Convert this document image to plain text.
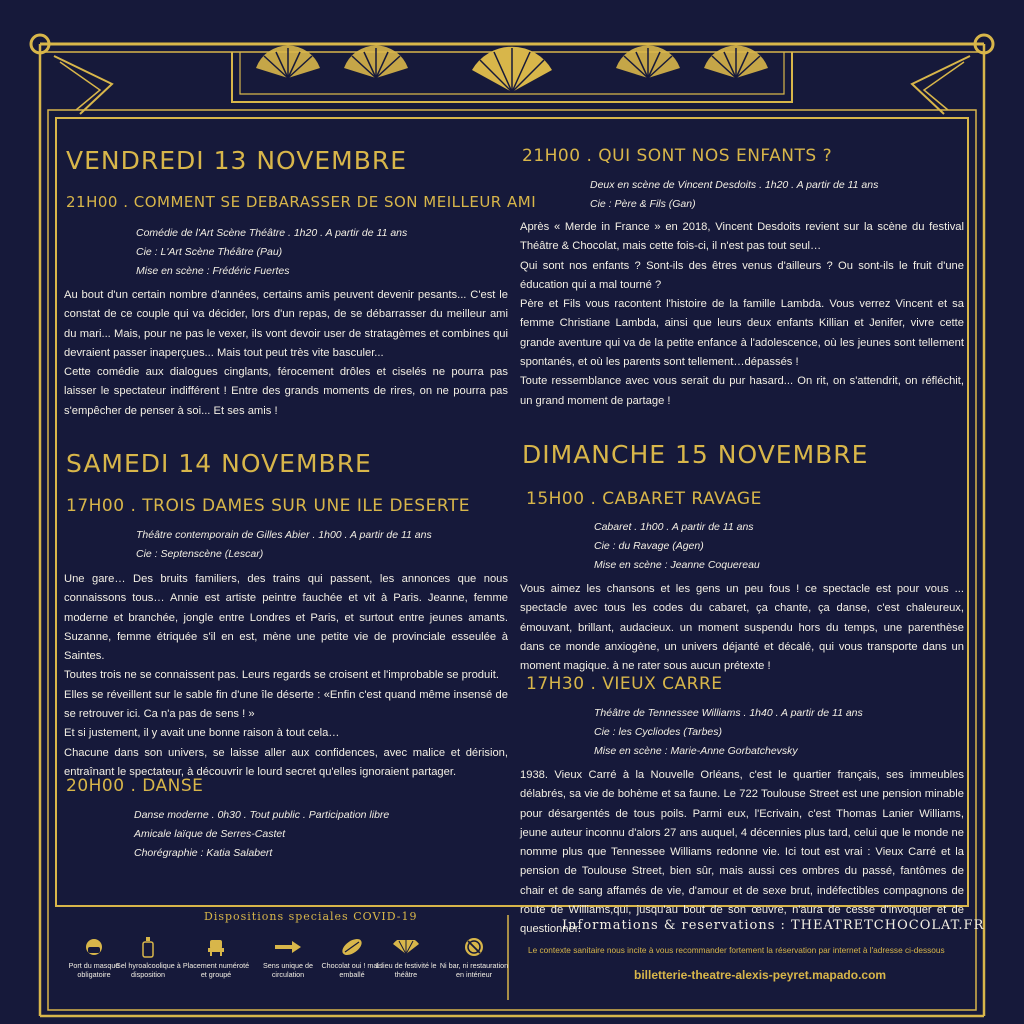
VENDREDI 13 NOVEMBRE
21H00 . COMMENT SE DEBARASSER DE SON MEILLEUR AMI
Comédie de l'Art Scène Théâtre . 1h20 . A partir de 11 ans
Cie : L'Art Scène Théâtre (Pau)
Mise en scène : Frédéric Fuertes

Au bout d'un certain nombre d'années, certains amis peuvent devenir pesants... C'est le constat de ce couple qui va décider, lors d'un repas, de se débarrasser du meilleur ami du mari... Mais, pour ne pas le vexer, ils vont devoir user de stratagèmes et combines qui devraient passer inaperçues... Mais tout peut très vite basculer...

Cette comédie aux dialogues cinglants, férocement drôles et ciselés ne pourra pas laisser le spectateur indifférent ! Entre des grands moments de rires, on ne pourra pas s'empêcher de penser à soi... Et ses amis !

SAMEDI 14 NOVEMBRE
17H00 . TROIS DAMES SUR UNE ILE DESERTE
Théâtre contemporain de Gilles Abier . 1h00 . A partir de 11 ans
Cie : Septenscène (Lescar)

Une gare… Des bruits familiers, des trains qui passent, les annonces que nous connaissons tous… Annie est artiste peintre fauchée et vit à Paris. Jeanne, femme moderne et branchée, jongle entre Londres et Paris, et surtout entre jeunes amants. Suzanne, femme étriquée s'il en est, mène une petite vie de provinciale esseulée à Saintes.

Toutes trois ne se connaissent pas. Leurs regards se croisent et l'improbable se produit.

Elles se réveillent sur le sable fin d'une île déserte : «Enfin c'est quand même insensé de se retrouver ici. Ca n'a pas de sens ! »

Et si justement, il y avait une bonne raison à tout cela…

Chacune dans son univers, se laisse aller aux confidences, avec malice et dérision, entraînant le spectateur, à découvrir le lourd secret qu'elles ignoraient partager.

20H00 . DANSE
Danse moderne . 0h30 . Tout public . Participation libre
Amicale laïque de Serres-Castet
Chorégraphie : Katia Salabert
21H00 . QUI SONT NOS ENFANTS ?
Deux en scène de Vincent Desdoits . 1h20 . A partir de 11 ans
Cie : Père & Fils (Gan)

Après « Merde in France » en 2018, Vincent Desdoits revient sur la scène du festival Théâtre & Chocolat, mais cette fois-ci, il n'est pas tout seul…

Qui sont nos enfants ? Sont-ils des êtres venus d'ailleurs ? Ou sont-ils le fruit d'une éducation qui a mal tourné ?

Père et Fils vous racontent l'histoire de la famille Lambda. Vous verrez Vincent et sa femme Christiane Lambda, ainsi que leurs deux enfants Killian et Jenifer, vivre cette grande aventure qui va de la petite enfance à l'adolescence, où les jeunes sont tellement spontanés, et où les parents sont tellement…dépassés !

Toute ressemblance avec vous serait du pur hasard... On rit, on s'attendrit, on réfléchit, un grand moment de partage !

DIMANCHE 15 NOVEMBRE
15H00 . CABARET RAVAGE
Cabaret . 1h00 . A partir de 11 ans
Cie : du Ravage (Agen)
Mise en scène : Jeanne Coquereau

Vous aimez les chansons et les gens un peu fous ! ce spectacle est pour vous ... spectacle avec tous les codes du cabaret, ça chante, ça danse, c'est chaleureux, émouvant, brillant, audacieux. un moment suspendu hors du temps, une parenthèse dans ce monde anxiogène, un univers déjanté et décalé, qui vous transporte dans un moment magique. à ne rater sous aucun prétexte !

17H30 . VIEUX CARRE
Théâtre de Tennessee Williams . 1h40 . A partir de 11 ans
Cie : les Cycliodes (Tarbes)
Mise en scène : Marie-Anne Gorbatchevsky

1938. Vieux Carré à la Nouvelle Orléans, c'est le quartier français, ses immeubles délabrés, sa vie de bohème et sa faune. Le 722 Toulouse Street est une pension minable pour désargentés de tous poils. Parmi eux, l'Ecrivain, c'est Thomas Lanier Williams, jeune auteur inconnu d'alors 27 ans auquel, 4 décennies plus tard, celui que le monde ne nomme plus que Tennessee Williams redonne vie. Ici tout est vrai : Vieux Carré et la pension de Toulouse Street, bien sûr, mais aussi ces ombres du passé, fantômes de chair et de sang affamés de vie, d'amour et de sexe brut, indéfectibles compagnons de route de Williams,qui, jusqu'au bout de son œuvre, n'aura de cesse d'invoquer et de questionner.

Dispositions speciales COVID-19
Port du masque obligatoire
Gel hyroalcoolique à disposition
Placement numéroté et groupé
Sens unique de circulation
Chocolat oui ! mais emballé
1 lieu de festivité le théâtre
Ni bar, ni restauration en intérieur
Informations & reservations : THEATRETCHOCOLAT.FR
Le contexte sanitaire nous incite à vous recommander fortement la réservation par internet à l'adresse ci-dessous
billetterie-theatre-alexis-peyret.mapado.com
